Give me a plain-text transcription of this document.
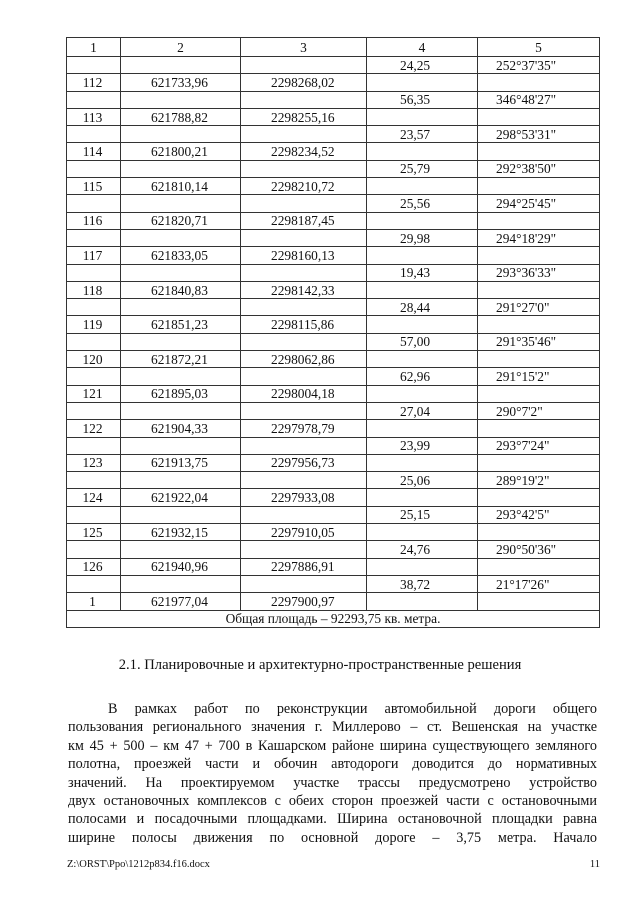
1	2	3	4	5
			24,25	252°37'35"
112	621733,96	2298268,02		
			56,35	346°48'27"
113	621788,82	2298255,16		
			23,57	298°53'31"
114	621800,21	2298234,52		
			25,79	292°38'50"
115	621810,14	2298210,72		
			25,56	294°25'45"
116	621820,71	2298187,45		
			29,98	294°18'29"
117	621833,05	2298160,13		
			19,43	293°36'33"
118	621840,83	2298142,33		
			28,44	291°27'0"
119	621851,23	2298115,86		
			57,00	291°35'46"
120	621872,21	2298062,86		
			62,96	291°15'2"
121	621895,03	2298004,18		
			27,04	290°7'2"
122	621904,33	2297978,79		
			23,99	293°7'24"
123	621913,75	2297956,73		
			25,06	289°19'2"
124	621922,04	2297933,08		
			25,15	293°42'5"
125	621932,15	2297910,05		
			24,76	290°50'36"
126	621940,96	2297886,91		
			38,72	21°17'26"
1	621977,04	2297900,97		
Общая площадь – 92293,75 кв. метра.				
2.1. Планировочные и архитектурно-пространственные решения
В рамках работ по реконструкции автомобильной дороги общего
пользования регионального значения г. Миллерово – ст. Вешенская на участке
км 45 + 500 – км 47 + 700 в Кашарском районе ширина существующего земляного
полотна, проезжей части и обочин автодороги доводится до нормативных
значений. На проектируемом участке трассы предусмотрено устройство
двух остановочных комплексов с обеих сторон проезжей части с остановочными
полосами и посадочными площадками. Ширина остановочной площадки равна
ширине полосы движения по основной дороге – 3,75 метра. Начало
Z:\ORST\Ppo\1212p834.f16.docx	11
